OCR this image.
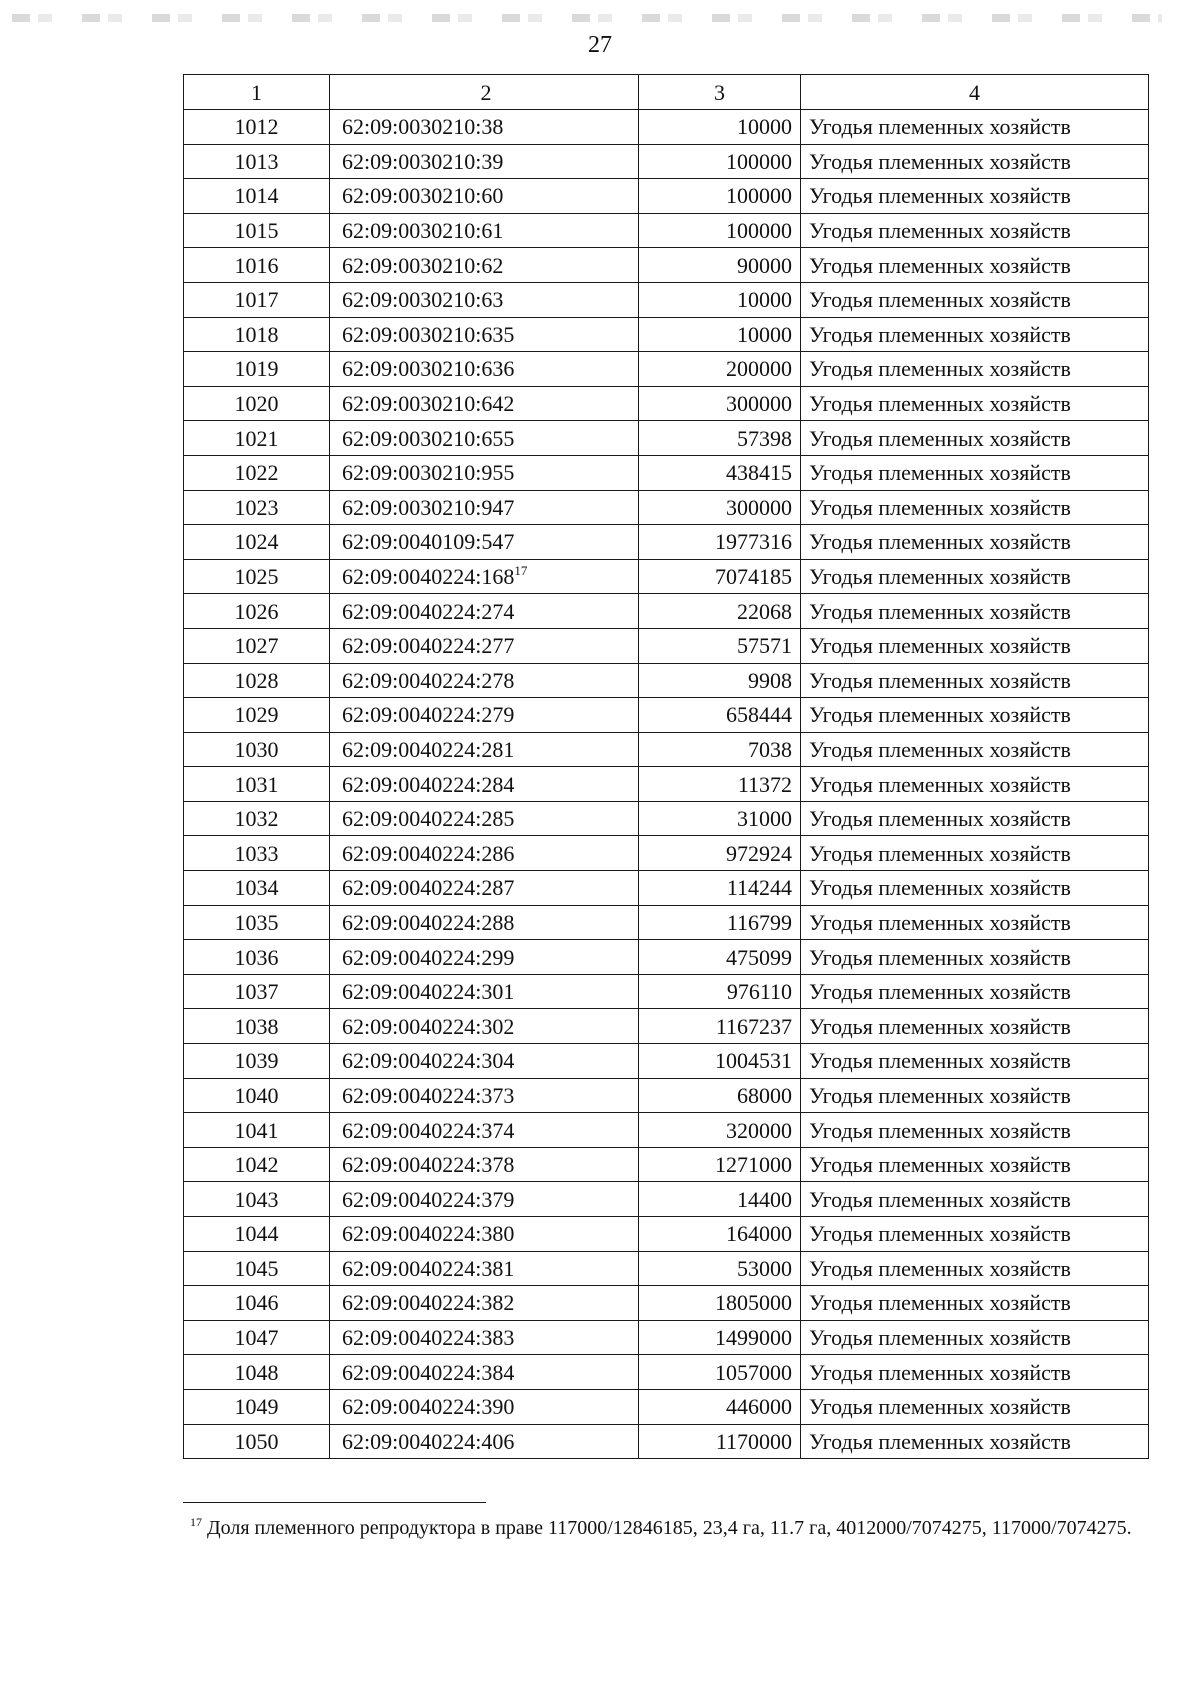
27
1	2	3	4
1012	62:09:0030210:38	10000	Угодья племенных хозяйств
1013	62:09:0030210:39	100000	Угодья племенных хозяйств
1014	62:09:0030210:60	100000	Угодья племенных хозяйств
1015	62:09:0030210:61	100000	Угодья племенных хозяйств
1016	62:09:0030210:62	90000	Угодья племенных хозяйств
1017	62:09:0030210:63	10000	Угодья племенных хозяйств
1018	62:09:0030210:635	10000	Угодья племенных хозяйств
1019	62:09:0030210:636	200000	Угодья племенных хозяйств
1020	62:09:0030210:642	300000	Угодья племенных хозяйств
1021	62:09:0030210:655	57398	Угодья племенных хозяйств
1022	62:09:0030210:955	438415	Угодья племенных хозяйств
1023	62:09:0030210:947	300000	Угодья племенных хозяйств
1024	62:09:0040109:547	1977316	Угодья племенных хозяйств
1025	62:09:0040224:168$^{17}$	7074185	Угодья племенных хозяйств
1026	62:09:0040224:274	22068	Угодья племенных хозяйств
1027	62:09:0040224:277	57571	Угодья племенных хозяйств
1028	62:09:0040224:278	9908	Угодья племенных хозяйств
1029	62:09:0040224:279	658444	Угодья племенных хозяйств
1030	62:09:0040224:281	7038	Угодья племенных хозяйств
1031	62:09:0040224:284	11372	Угодья племенных хозяйств
1032	62:09:0040224:285	31000	Угодья племенных хозяйств
1033	62:09:0040224:286	972924	Угодья племенных хозяйств
1034	62:09:0040224:287	114244	Угодья племенных хозяйств
1035	62:09:0040224:288	116799	Угодья племенных хозяйств
1036	62:09:0040224:299	475099	Угодья племенных хозяйств
1037	62:09:0040224:301	976110	Угодья племенных хозяйств
1038	62:09:0040224:302	1167237	Угодья племенных хозяйств
1039	62:09:0040224:304	1004531	Угодья племенных хозяйств
1040	62:09:0040224:373	68000	Угодья племенных хозяйств
1041	62:09:0040224:374	320000	Угодья племенных хозяйств
1042	62:09:0040224:378	1271000	Угодья племенных хозяйств
1043	62:09:0040224:379	14400	Угодья племенных хозяйств
1044	62:09:0040224:380	164000	Угодья племенных хозяйств
1045	62:09:0040224:381	53000	Угодья племенных хозяйств
1046	62:09:0040224:382	1805000	Угодья племенных хозяйств
1047	62:09:0040224:383	1499000	Угодья племенных хозяйств
1048	62:09:0040224:384	1057000	Угодья племенных хозяйств
1049	62:09:0040224:390	446000	Угодья племенных хозяйств
1050	62:09:0040224:406	1170000	Угодья племенных хозяйств
$^{17}$ Доля племенного репродуктора в праве 117000/12846185, 23,4 га, 11.7 га, 4012000/7074275, 117000/7074275.
